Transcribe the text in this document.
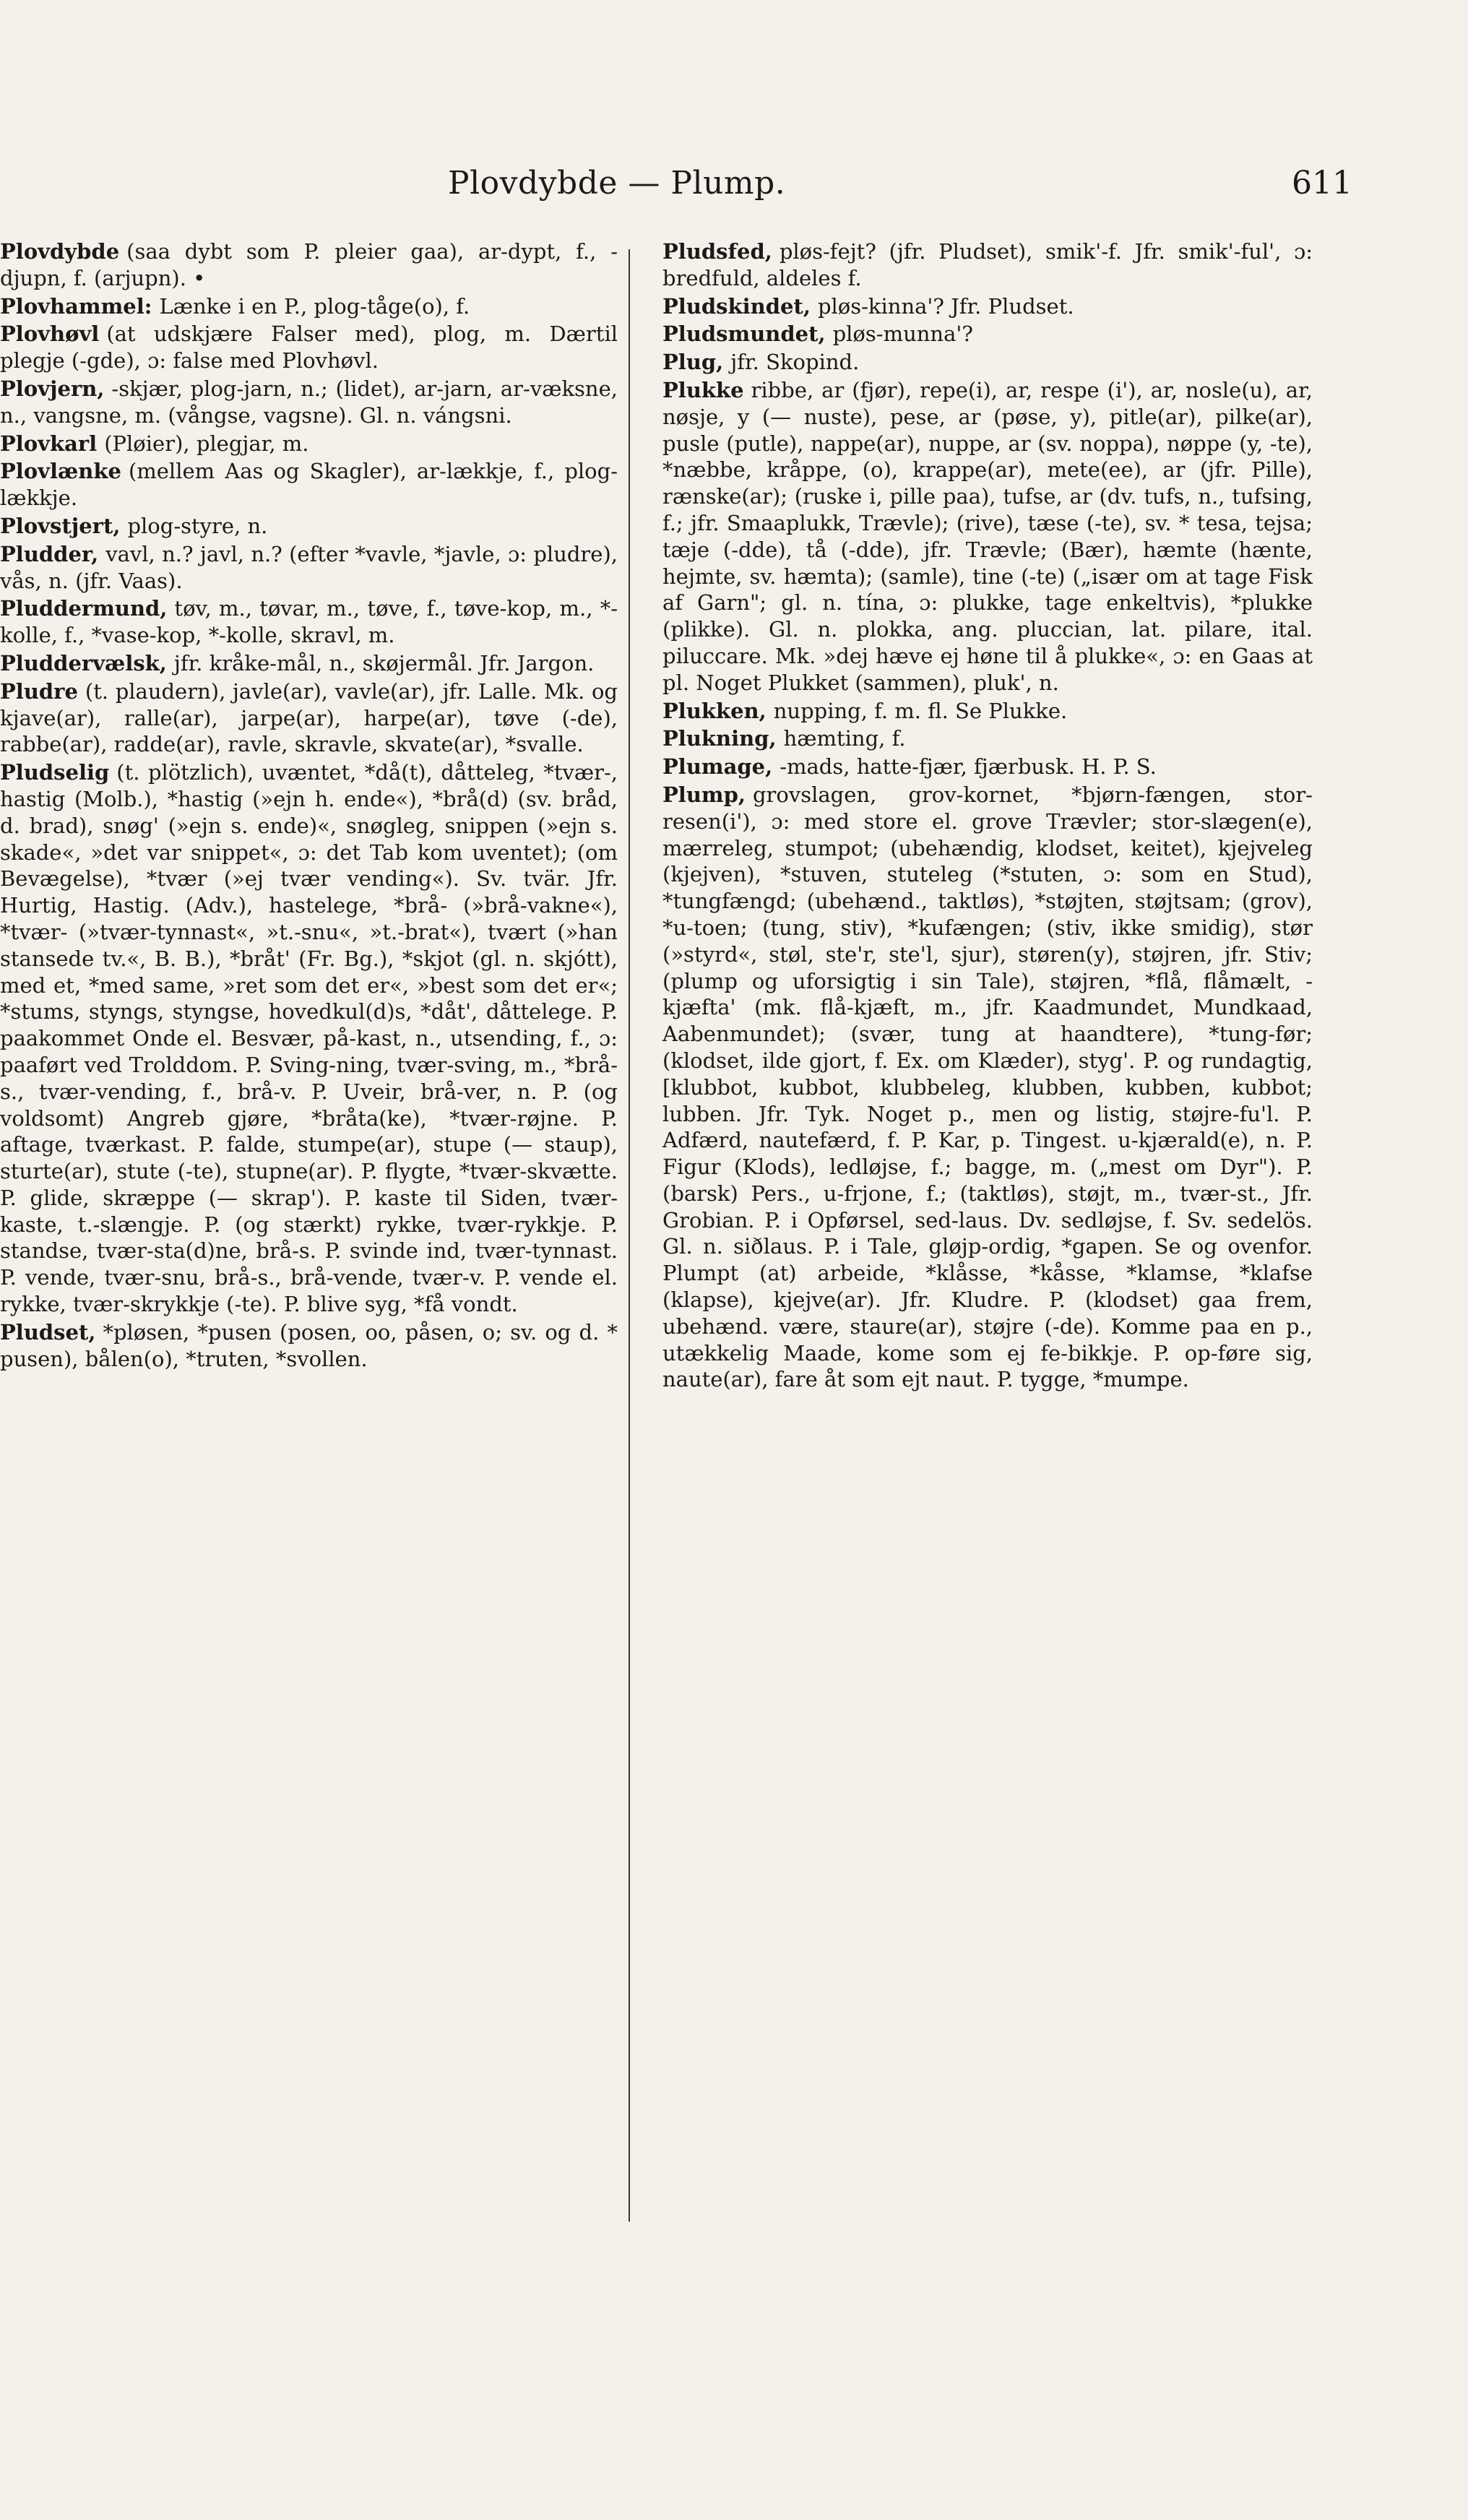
Plovdybde — Plump.	611

Plovdybde (saa dybt som P. pleier gaa), ar-dypt, f., -djupn, f. (arjupn). •

Plovhammel: Lænke i en P., plog-tåge(o), f.

Plovhøvl (at udskjære Falser med), plog, m. Dærtil plegje (-gde), ɔ: false med Plovhøvl.

Plovjern, -skjær, plog-jarn, n.; (lidet), ar-jarn, ar-væksne, n., vangsne, m. (vångse, vagsne). Gl. n. vángsni.

Plovkarl (Pløier), plegjar, m.

Plovlænke (mellem Aas og Skagler), ar-lækkje, f., plog-lækkje.

Plovstjert, plog-styre, n.

Pludder, vavl, n.? javl, n.? (efter *vavle, *javle, ɔ: pludre), vås, n. (jfr. Vaas).

Pluddermund, tøv, m., tøvar, m., tøve, f., tøve-kop, m., *-kolle, f., *vase-kop, *-kolle, skravl, m.

Pluddervælsk, jfr. kråke-mål, n., skøjermål. Jfr. Jargon.

Pludre (t. plaudern), javle(ar), vavle(ar), jfr. Lalle. Mk. og kjave(ar), ralle(ar), jarpe(ar), harpe(ar), tøve (-de), rabbe(ar), radde(ar), ravle, skravle, skvate(ar), *svalle.

Pludselig (t. plötzlich), uvæntet, *då(t), dåtteleg, *tvær-, hastig (Molb.), *hastig (»ejn h. ende«), *brå(d) (sv. bråd, d. brad), snøg' (»ejn s. ende)«, snøgleg, snippen (»ejn s. skade«, »det var snippet«, ɔ: det Tab kom uventet); (om Bevægelse), *tvær (»ej tvær vending«). Sv. tvär. Jfr. Hurtig, Hastig. (Adv.), hastelege, *brå- (»brå-vakne«), *tvær- (»tvær-tynnast«, »t.-snu«, »t.-brat«), tvært (»han stansede tv.«, B. B.), *bråt' (Fr. Bg.), *skjot (gl. n. skjótt), med et, *med same, »ret som det er«, »best som det er«; *stums, styngs, styngse, hovedkul(d)s, *dåt', dåttelege. P. paakommet Onde el. Besvær, på-kast, n., utsending, f., ɔ: paaført ved Trolddom. P. Sving-ning, tvær-sving, m., *brå-s., tvær-vending, f., brå-v. P. Uveir, brå-ver, n. P. (og voldsomt) Angreb gjøre, *bråta(ke), *tvær-røjne. P. aftage, tværkast. P. falde, stumpe(ar), stupe (— staup), sturte(ar), stute (-te), stupne(ar). P. flygte, *tvær-skvætte. P. glide, skræppe (— skrap'). P. kaste til Siden, tvær-kaste, t.-slængje. P. (og stærkt) rykke, tvær-rykkje. P. standse, tvær-sta(d)ne, brå-s. P. svinde ind, tvær-tynnast. P. vende, tvær-snu, brå-s., brå-vende, tvær-v. P. vende el. rykke, tvær-skrykkje (-te). P. blive syg, *få vondt.

Pludset, *pløsen, *pusen (posen, oo, påsen, o; sv. og d. * pusen), bålen(o), *truten, *svollen.

Pludsfed, pløs-fejt? (jfr. Pludset), smik'-f. Jfr. smik'-ful', ɔ: bredfuld, aldeles f.

Pludskindet, pløs-kinna'? Jfr. Pludset.

Pludsmundet, pløs-munna'?

Plug, jfr. Skopind.

Plukke ribbe, ar (fjør), repe(i), ar, respe (i'), ar, nosle(u), ar, nøsje, y (— nuste), pese, ar (pøse, y), pitle(ar), pilke(ar), pusle (putle), nappe(ar), nuppe, ar (sv. noppa), nøppe (y, -te), *næbbe, kråppe, (o), krappe(ar), mete(ee), ar (jfr. Pille), rænske(ar); (ruske i, pille paa), tufse, ar (dv. tufs, n., tufsing, f.; jfr. Smaaplukk, Trævle); (rive), tæse (-te), sv. * tesa, tejsa; tæje (-dde), tå (-dde), jfr. Trævle; (Bær), hæmte (hænte, hejmte, sv. hæmta); (samle), tine (-te) („især om at tage Fisk af Garn"; gl. n. tína, ɔ: plukke, tage enkeltvis), *plukke (plikke). Gl. n. plokka, ang. pluccian, lat. pilare, ital. piluccare. Mk. »dej hæve ej høne til å plukke«, ɔ: en Gaas at pl. Noget Plukket (sammen), pluk', n.

Plukken, nupping, f. m. fl. Se Plukke.

Plukning, hæmting, f.

Plumage, -mads, hatte-fjær, fjærbusk. H. P. S.

Plump, grovslagen, grov-kornet, *bjørn-fængen, stor-resen(i'), ɔ: med store el. grove Trævler; stor-slægen(e), mærreleg, stumpot; (ubehændig, klodset, keitet), kjejveleg (kjejven), *stuven, stuteleg (*stuten, ɔ: som en Stud), *tungfængd; (ubehænd., taktløs), *støjten, støjtsam; (grov), *u-toen; (tung, stiv), *kufængen; (stiv, ikke smidig), stør (»styrd«, støl, ste'r, ste'l, sjur), støren(y), støjren, jfr. Stiv; (plump og uforsigtig i sin Tale), støjren, *flå, flåmælt, -kjæfta' (mk. flå-kjæft, m., jfr. Kaadmundet, Mundkaad, Aabenmundet); (svær, tung at haandtere), *tung-før; (klodset, ilde gjort, f. Ex. om Klæder), styg'. P. og rundagtig, [klubbot, kubbot, klubbeleg, klubben, kubben, kubbot; lubben. Jfr. Tyk. Noget p., men og listig, støjre-fu'l. P. Adfærd, nautefærd, f. P. Kar, p. Tingest. u-kjærald(e), n. P. Figur (Klods), ledløjse, f.; bagge, m. („mest om Dyr"). P. (barsk) Pers., u-frjone, f.; (taktløs), støjt, m., tvær-st., Jfr. Grobian. P. i Opførsel, sed-laus. Dv. sedløjse, f. Sv. sedelös. Gl. n. siðlaus. P. i Tale, gløjp-ordig, *gapen. Se og ovenfor. Plumpt (at) arbeide, *klåsse, *kåsse, *klamse, *klafse (klapse), kjejve(ar). Jfr. Kludre. P. (klodset) gaa frem, ubehænd. være, staure(ar), støjre (-de). Komme paa en p., utækkelig Maade, kome som ej fe-bikkje. P. op-føre sig, naute(ar), fare åt som ejt naut. P. tygge, *mumpe.
